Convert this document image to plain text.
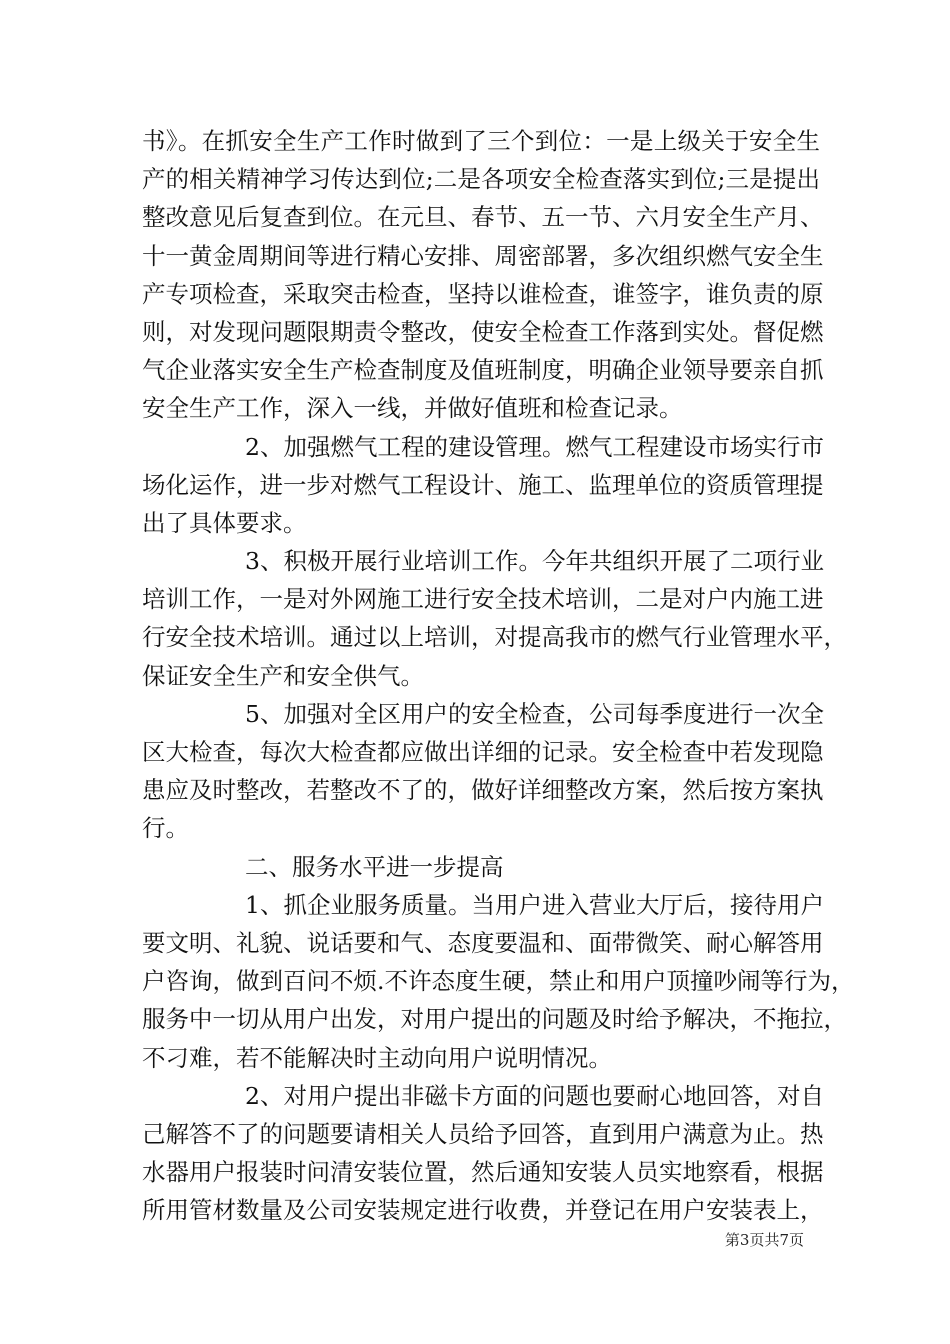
书》。在抓安全生产工作时做到了三个到位：一是上级关于安全生
产的相关精神学习传达到位;二是各项安全检查落实到位;三是提出
整改意见后复查到位。在元旦、春节、五一节、六月安全生产月、
十一黄金周期间等进行精心安排、周密部署，多次组织燃气安全生
产专项检查，采取突击检查，坚持以谁检查，谁签字，谁负责的原
则，对发现问题限期责令整改，使安全检查工作落到实处。督促燃
气企业落实安全生产检查制度及值班制度，明确企业领导要亲自抓
安全生产工作，深入一线，并做好值班和检查记录。
2、加强燃气工程的建设管理。燃气工程建设市场实行市
场化运作，进一步对燃气工程设计、施工、监理单位的资质管理提
出了具体要求。
3、积极开展行业培训工作。今年共组织开展了二项行业
培训工作，一是对外网施工进行安全技术培训，二是对户内施工进
行安全技术培训。通过以上培训，对提高我市的燃气行业管理水平，
保证安全生产和安全供气。
5、加强对全区用户的安全检查，公司每季度进行一次全
区大检查，每次大检查都应做出详细的记录。安全检查中若发现隐
患应及时整改，若整改不了的，做好详细整改方案，然后按方案执
行。
二、服务水平进一步提高
1、抓企业服务质量。当用户进入营业大厅后，接待用户
要文明、礼貌、说话要和气、态度要温和、面带微笑、耐心解答用
户咨询，做到百问不烦.不许态度生硬，禁止和用户顶撞吵闹等行为，
服务中一切从用户出发，对用户提出的问题及时给予解决，不拖拉，
不刁难，若不能解决时主动向用户说明情况。
2、对用户提出非磁卡方面的问题也要耐心地回答，对自
己解答不了的问题要请相关人员给予回答，直到用户满意为止。热
水器用户报装时问清安装位置，然后通知安装人员实地察看，根据
所用管材数量及公司安装规定进行收费，并登记在用户安装表上，
第3页共7页
